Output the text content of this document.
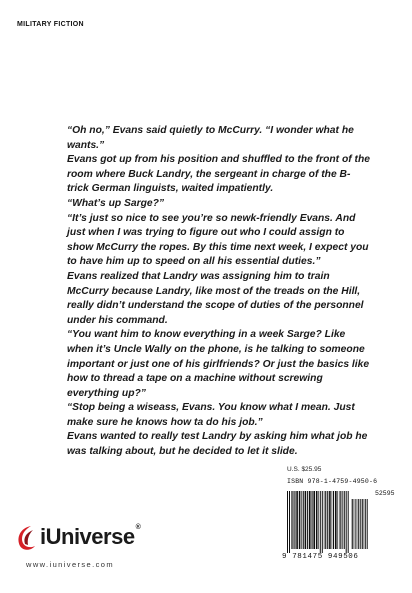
MILITARY FICTION

“Oh no,” Evans said quietly to McCurry. “I wonder what he wants.”

Evans got up from his position and shuffled to the front of the room where Buck Landry, the sergeant in charge of the B-trick German linguists, waited impatiently.

“What’s up Sarge?”

“It’s just so nice to see you’re so newk-friendly Evans. And just when I was trying to figure out who I could assign to show McCurry the ropes. By this time next week, I expect you to have him up to speed on all his essential duties.”

Evans realized that Landry was assigning him to train McCurry because Landry, like most of the treads on the Hill, really didn’t understand the scope of duties of the personnel under his command.

“You want him to know everything in a week Sarge? Like when it’s Uncle Wally on the phone, is he talking to someone important or just one of his girlfriends? Or just the basics like how to thread a tape on a machine without screwing everything up?”

“Stop being a wiseass, Evans. You know what I mean. Just make sure he knows how ta do his job.”

Evans wanted to really test Landry by asking him what job he was talking about, but he decided to let it slide.

U.S. $25.95
ISBN 978-1-4759-4950-6
52595
9 781475 949506
iUniverse®
www.iuniverse.com
